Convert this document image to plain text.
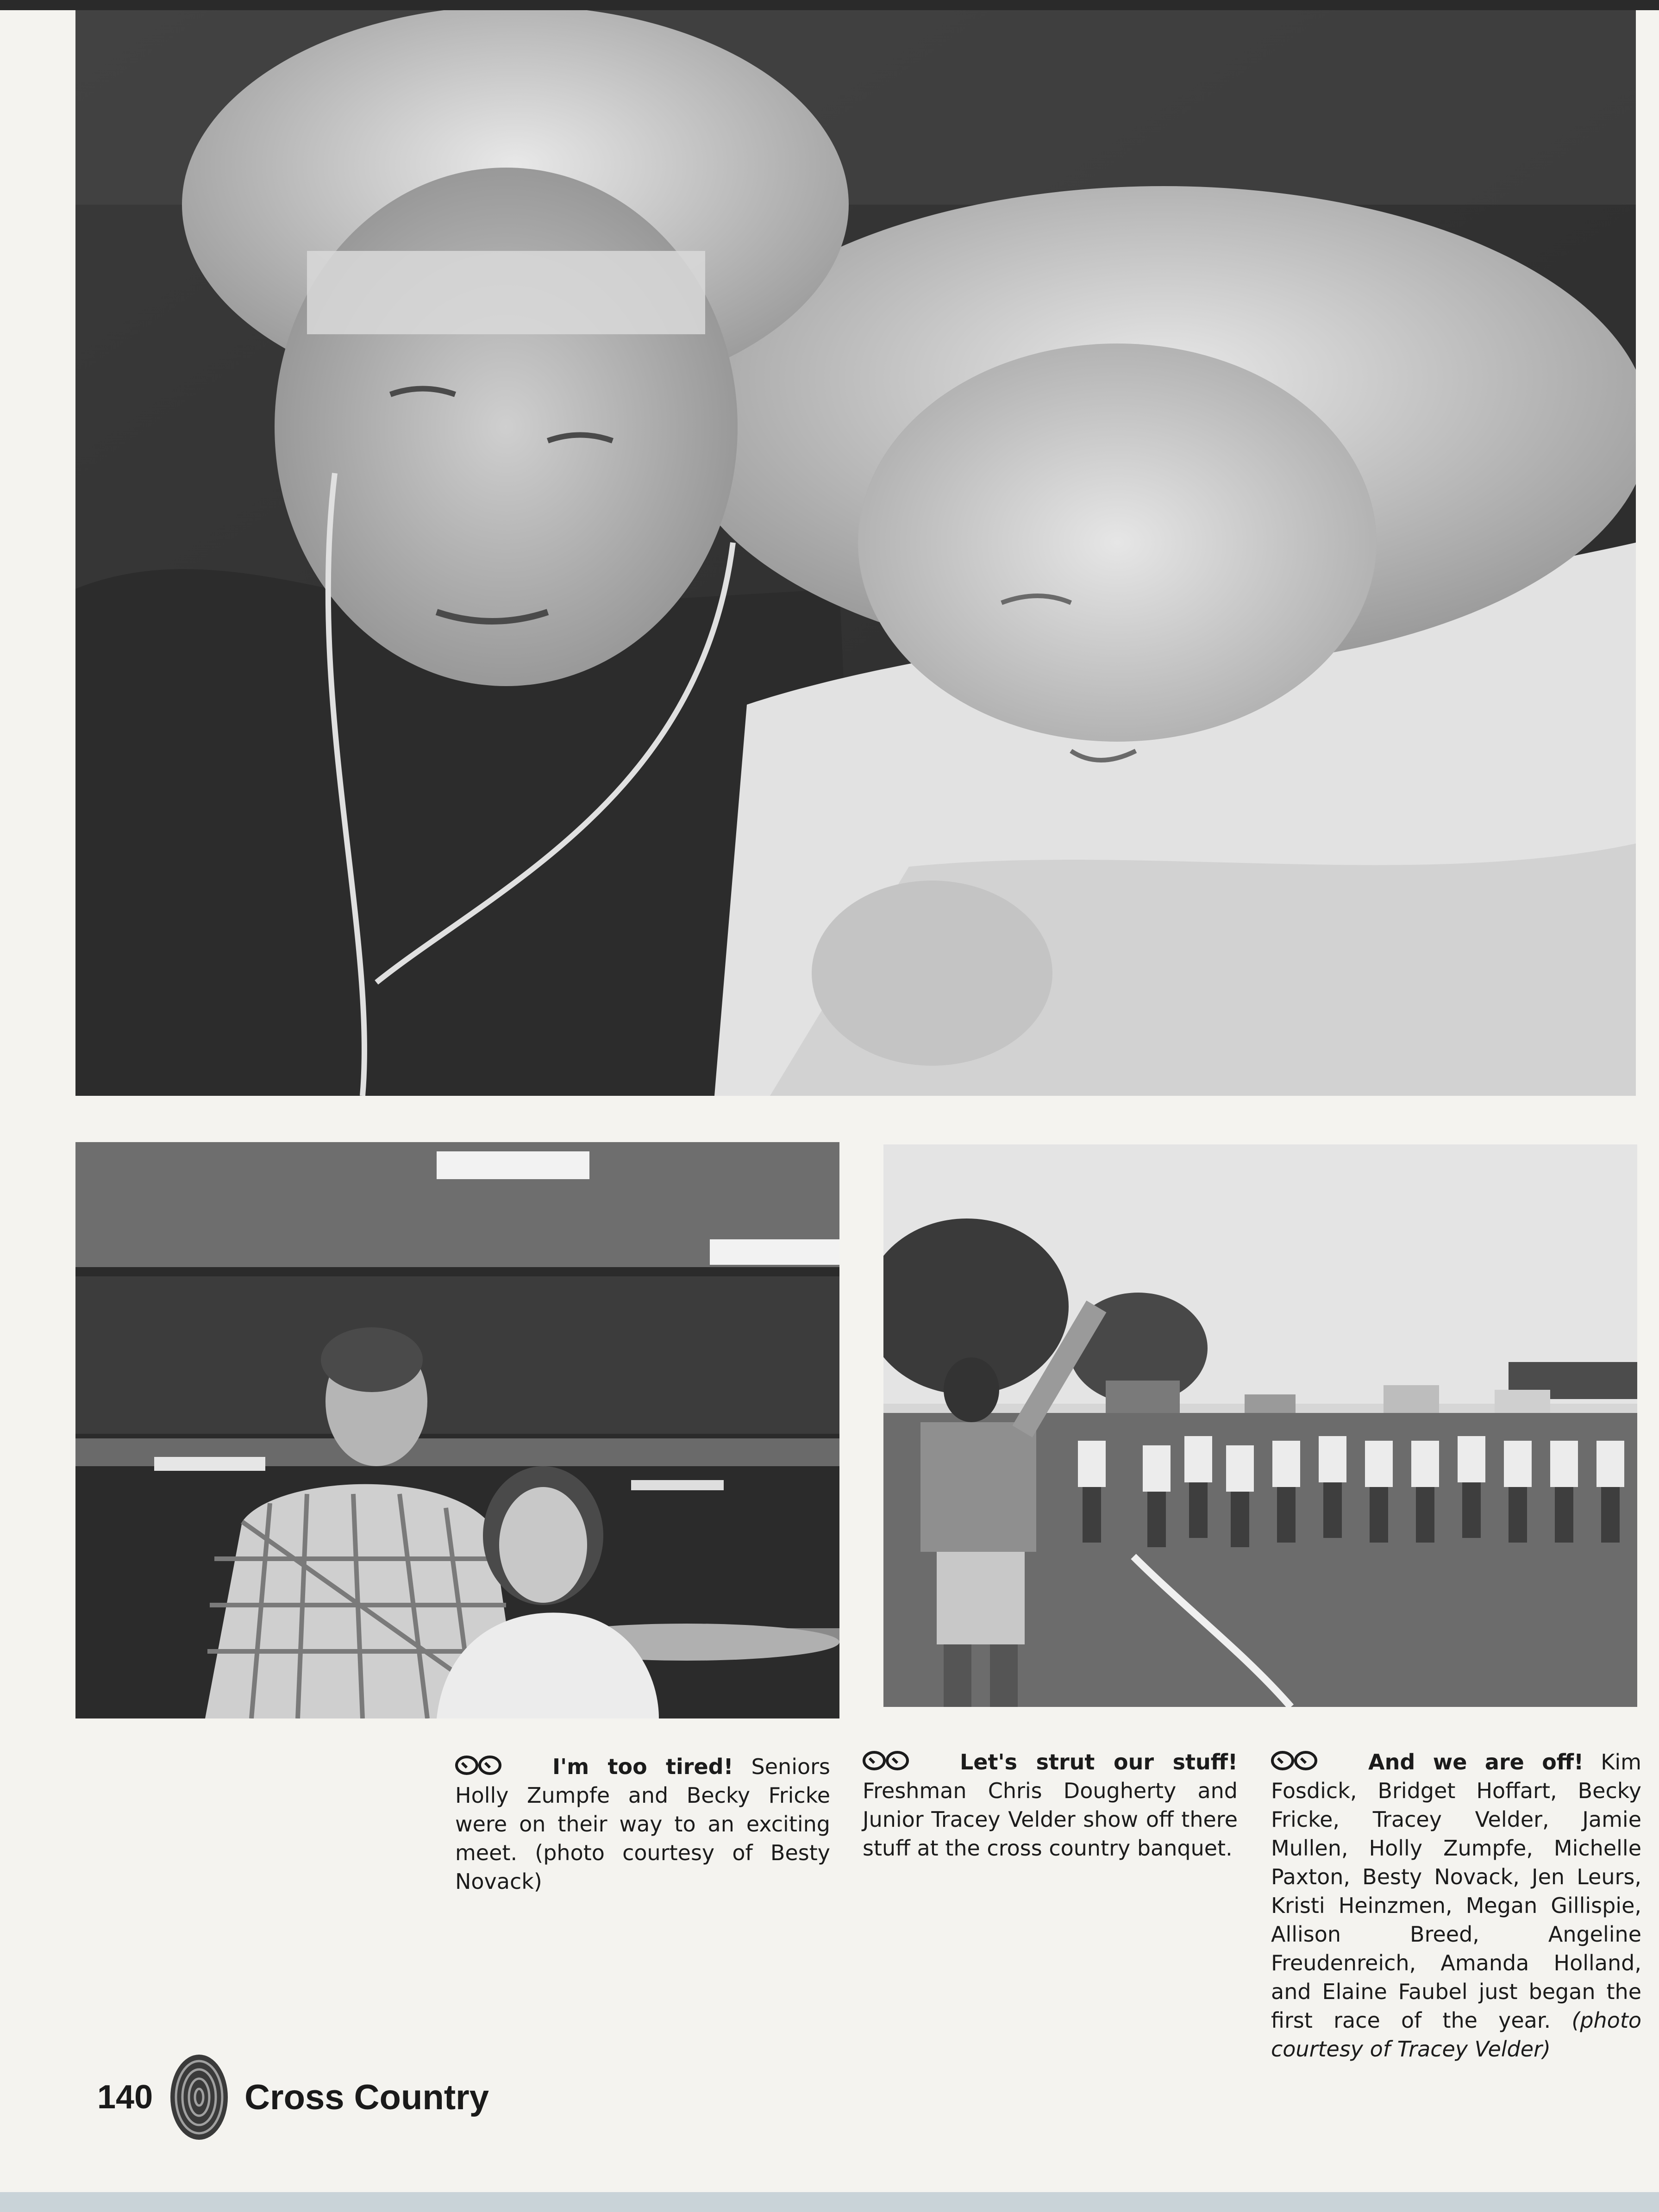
I'm too tired! Seniors Holly Zumpfe and Becky Fricke were on their way to an exciting meet. (photo courtesy of Besty Novack)
Let's strut our stuff! Freshman Chris Dougherty and Junior Tracey Velder show off there stuff at the cross country banquet.
And we are off! Kim Fosdick, Bridget Hoffart, Becky Fricke, Tracey Velder, Jamie Mullen, Holly Zumpfe, Michelle Paxton, Besty Novack, Jen Leurs, Kristi Heinzmen, Megan Gillispie, Allison Breed, Angeline Freudenreich, Amanda Holland, and Elaine Faubel just began the first race of the year. (photo courtesy of Tracey Velder)
140	Cross Country
